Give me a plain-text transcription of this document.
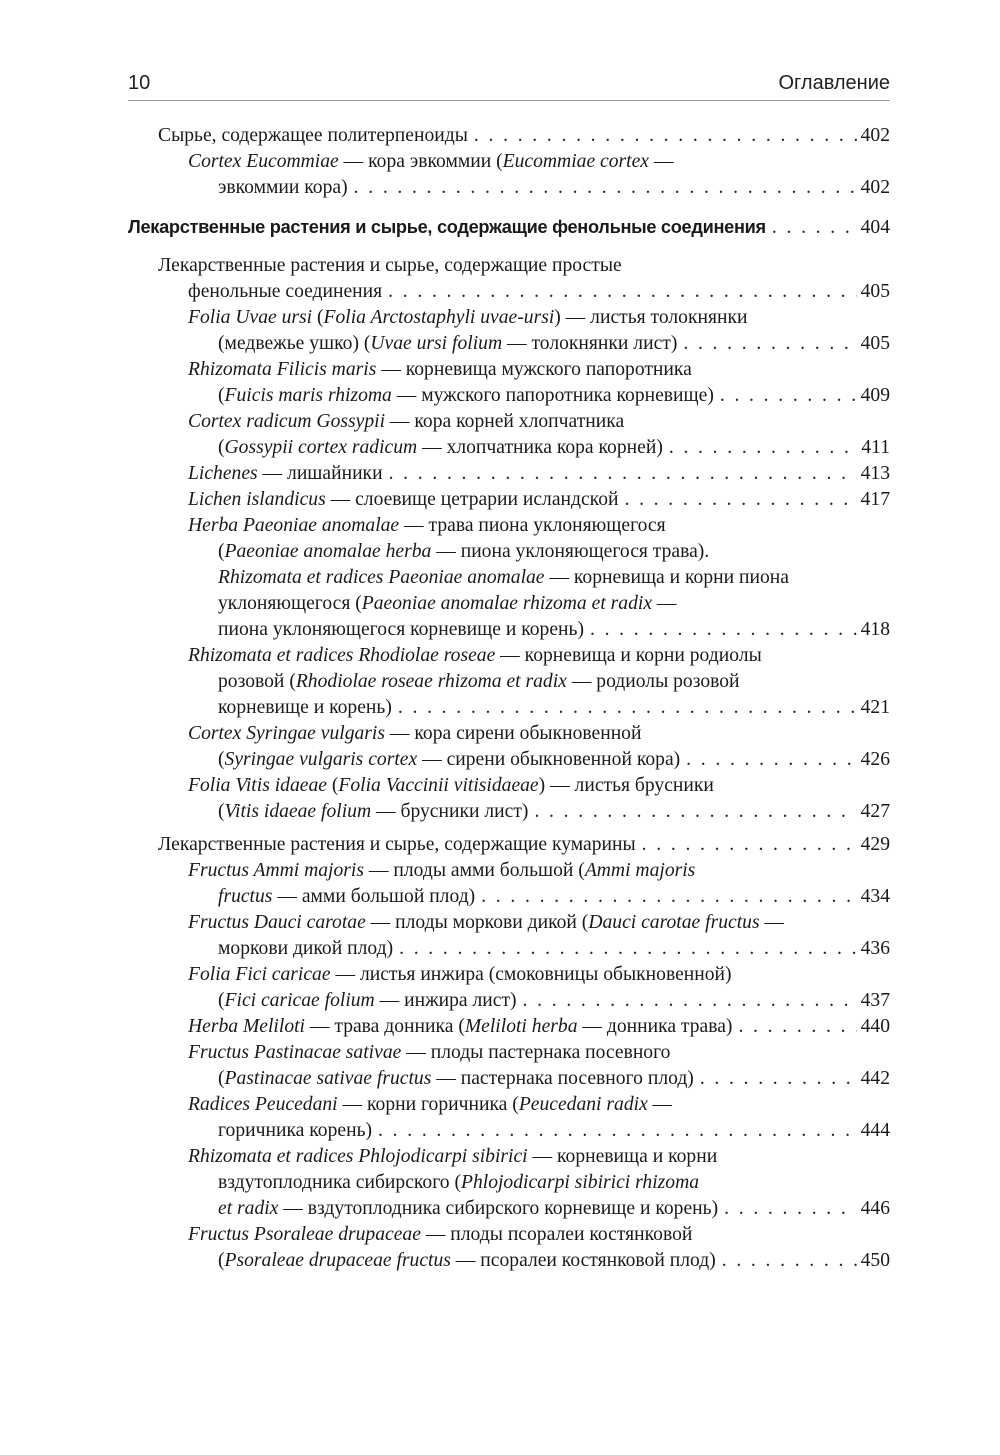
10	Оглавление
Сырье, содержащее политерпеноиды . . .	402
Cortex Eucommiae — кора эвкоммии (Eucommiae cortex —
эвкоммии кора) . . .	402
Лекарственные растения и сырье, содержащие фенольные соединения . . .	404
Лекарственные растения и сырье, содержащие простые
фенольные соединения . . .	405
Folia Uvae ursi (Folia Arctostaphyli uvae-ursi) — листья толокнянки
(медвежье ушко) (Uvae ursi folium — толокнянки лист) . . .	405
Rhizomata Filicis maris — корневища мужского папоротника
(Fuicis maris rhizoma — мужского папоротника корневище) . . .	409
Cortex radicum Gossypii — кора корней хлопчатника
(Gossypii cortex radicum — хлопчатника кора корней) . . .	411
Lichenes — лишайники . . .	413
Lichen islandicus — слоевище цетрарии исландской . . .	417
Herba Paeoniae anomalae — трава пиона уклоняющегося
(Paeoniae anomalae herba — пиона уклоняющегося трава).
Rhizomata et radices Paeoniae anomalae — корневища и корни пиона
уклоняющегося (Paeoniae anomalae rhizoma et radix —
пиона уклоняющегося корневище и корень) . . .	418
Rhizomata et radices Rhodiolae roseae — корневища и корни родиолы
розовой (Rhodiolae roseae rhizoma et radix — родиолы розовой
корневище и корень) . . .	421
Cortex Syringae vulgaris — кора сирени обыкновенной
(Syringae vulgaris cortex — сирени обыкновенной кора) . . .	426
Folia Vitis idaeae (Folia Vaccinii vitisidaeae) — листья брусники
(Vitis idaeae folium — брусники лист) . . .	427
Лекарственные растения и сырье, содержащие кумарины . . .	429
Fructus Ammi majoris — плоды амми большой (Ammi majoris
fructus — амми большой плод) . . .	434
Fructus Dauci carotae — плоды моркови дикой (Dauci carotae fructus —
моркови дикой плод) . . .	436
Folia Fici caricae — листья инжира (смоковницы обыкновенной)
(Fici caricae folium — инжира лист) . . .	437
Herba Meliloti — трава донника (Meliloti herba — донника трава) . . .	440
Fructus Pastinacae sativae — плоды пастернака посевного
(Pastinacae sativae fructus — пастернака посевного плод) . . .	442
Radices Peucedani — корни горичника (Peucedani radix —
горичника корень) . . .	444
Rhizomata et radices Phlojodicarpi sibirici — корневища и корни
вздутоплодника сибирского (Phlojodicarpi sibirici rhizoma
et radix — вздутоплодника сибирского корневище и корень) . . .	446
Fructus Psoraleae drupaceae — плоды псоралеи костянковой
(Psoraleae drupaceae fructus — псоралеи костянковой плод) . . .	450
